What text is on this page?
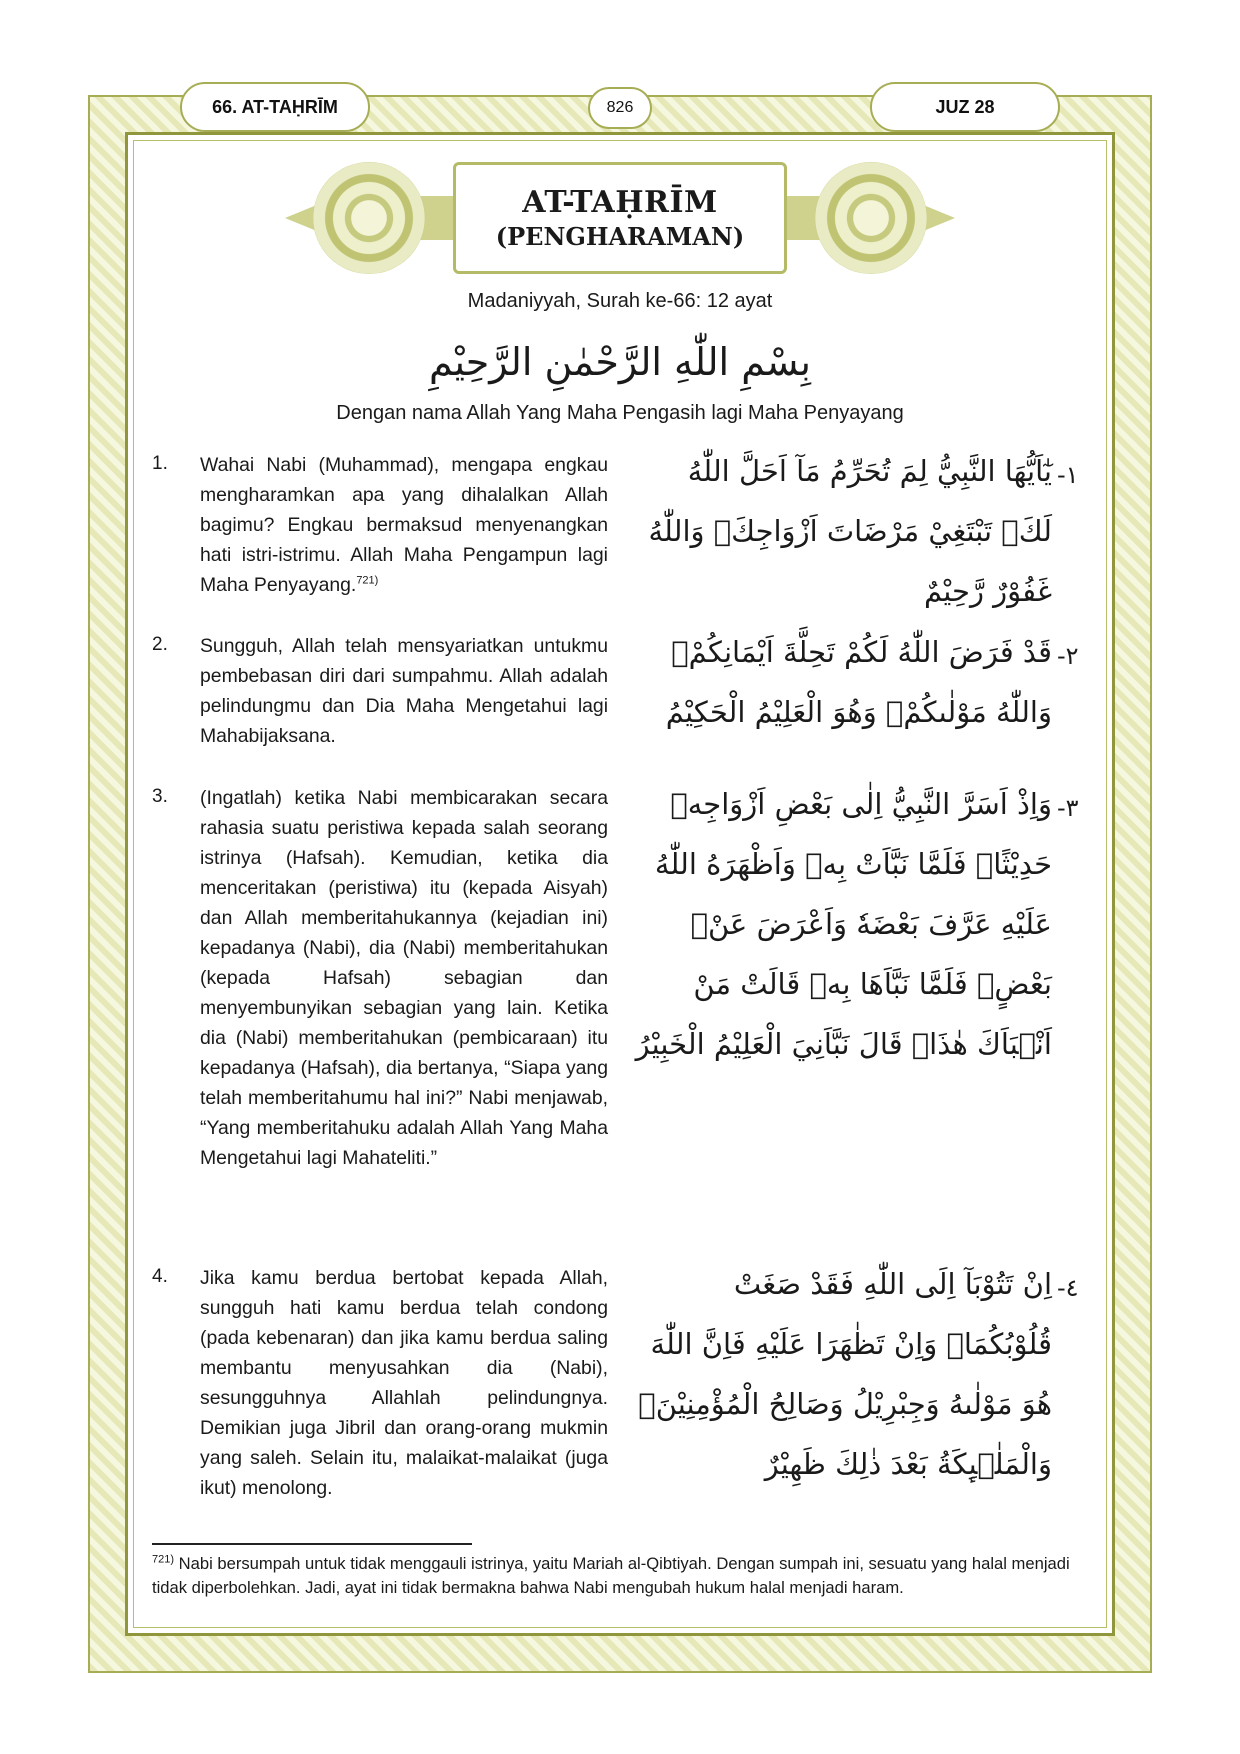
66. AT-TAḤRĪM	826	JUZ 28
AT-TAḤRĪM
(PENGHARAMAN)
Madaniyyah, Surah ke-66: 12 ayat
بِسْمِ اللّٰهِ الرَّحْمٰنِ الرَّحِيْمِ
Dengan nama Allah Yang Maha Pengasih lagi Maha Penyayang
1. Wahai Nabi (Muhammad), mengapa engkau mengharamkan apa yang dihalalkan Allah bagimu? Engkau bermaksud menyenangkan hati istri-istrimu. Allah Maha Pengampun lagi Maha Penyayang.$^{721)}$
يٰٓاَيُّهَا النَّبِيُّ لِمَ تُحَرِّمُ مَآ اَحَلَّ اللّٰهُ لَكَۚ تَبْتَغِيْ مَرْضَاتَ اَزْوَاجِكَۗ وَاللّٰهُ غَفُوْرٌ رَّحِيْمٌ
-١
2. Sungguh, Allah telah mensyariatkan untukmu pembebasan diri dari sumpahmu. Allah adalah pelindungmu dan Dia Maha Mengetahui lagi Mahabijaksana.
قَدْ فَرَضَ اللّٰهُ لَكُمْ تَحِلَّةَ اَيْمَانِكُمْۚ وَاللّٰهُ مَوْلٰىكُمْۚ وَهُوَ الْعَلِيْمُ الْحَكِيْمُ
-٢
3. (Ingatlah) ketika Nabi membicarakan secara rahasia suatu peristiwa kepada salah seorang istrinya (Hafsah). Kemudian, ketika dia menceritakan (peristiwa) itu (kepada Aisyah) dan Allah memberitahukannya (kejadian ini) kepadanya (Nabi), dia (Nabi) memberitahukan (kepada Hafsah) sebagian dan menyembunyikan sebagian yang lain. Ketika dia (Nabi) memberitahukan (pembicaraan) itu kepadanya (Hafsah), dia bertanya, “Siapa yang telah memberitahumu hal ini?” Nabi menjawab, “Yang memberitahuku adalah Allah Yang Maha Mengetahui lagi Mahateliti.”
وَاِذْ اَسَرَّ النَّبِيُّ اِلٰى بَعْضِ اَزْوَاجِهٖ حَدِيْثًاۚ فَلَمَّا نَبَّاَتْ بِهٖ وَاَظْهَرَهُ اللّٰهُ عَلَيْهِ عَرَّفَ بَعْضَهٗ وَاَعْرَضَ عَنْۢ بَعْضٍۚ فَلَمَّا نَبَّاَهَا بِهٖ قَالَتْ مَنْ اَنْۢبَاَكَ هٰذَاۗ قَالَ نَبَّاَنِيَ الْعَلِيْمُ الْخَبِيْرُ
-٣
4. Jika kamu berdua bertobat kepada Allah, sungguh hati kamu berdua telah condong (pada kebenaran) dan jika kamu berdua saling membantu menyusahkan dia (Nabi), sesungguhnya Allahlah pelindungnya. Demikian juga Jibril dan orang-orang mukmin yang saleh. Selain itu, malaikat-malaikat (juga ikut) menolong.
اِنْ تَتُوْبَآ اِلَى اللّٰهِ فَقَدْ صَغَتْ قُلُوْبُكُمَاۚ وَاِنْ تَظٰهَرَا عَلَيْهِ فَاِنَّ اللّٰهَ هُوَ مَوْلٰىهُ وَجِبْرِيْلُ وَصَالِحُ الْمُؤْمِنِيْنَۚ وَالْمَلٰۤىِٕكَةُ بَعْدَ ذٰلِكَ ظَهِيْرٌ
-٤
$^{721)}$ Nabi bersumpah untuk tidak menggauli istrinya, yaitu Mariah al-Qibtiyah. Dengan sumpah ini, sesuatu yang halal menjadi tidak diperbolehkan. Jadi, ayat ini tidak bermakna bahwa Nabi mengubah hukum halal menjadi haram.
